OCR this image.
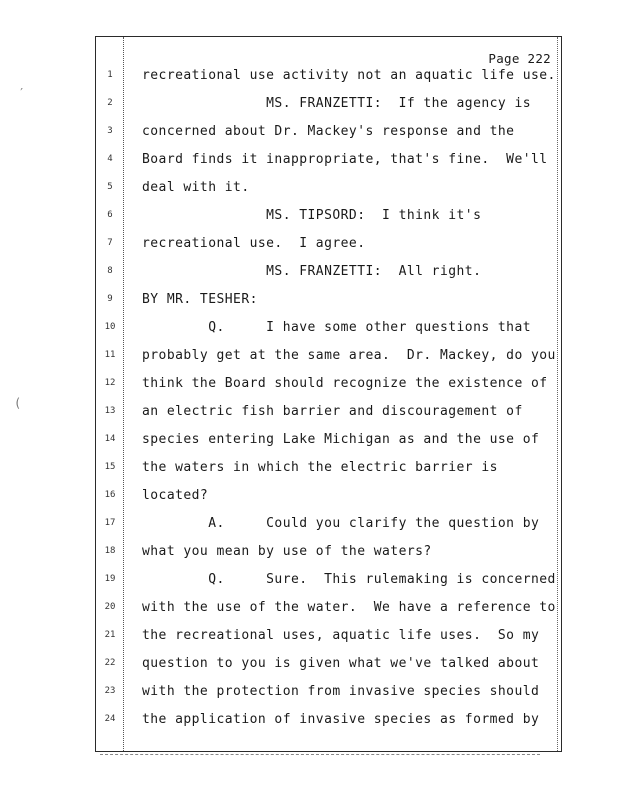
Page 222
1	recreational use activity not an aquatic life use.
2	MS. FRANZETTI:  If the agency is
3	concerned about Dr. Mackey's response and the
4	Board finds it inappropriate, that's fine.  We'll
5	deal with it.
6	MS. TIPSORD:  I think it's
7	recreational use.  I agree.
8	MS. FRANZETTI:  All right.
9	BY MR. TESHER:
10	Q.     I have some other questions that
11	probably get at the same area.  Dr. Mackey, do you
12	think the Board should recognize the existence of
13	an electric fish barrier and discouragement of
14	species entering Lake Michigan as and the use of
15	the waters in which the electric barrier is
16	located?
17	A.     Could you clarify the question by
18	what you mean by use of the waters?
19	Q.     Sure.  This rulemaking is concerned
20	with the use of the water.  We have a reference to
21	the recreational uses, aquatic life uses.  So my
22	question to you is given what we've talked about
23	with the protection from invasive species should
24	the application of invasive species as formed by
′
(
